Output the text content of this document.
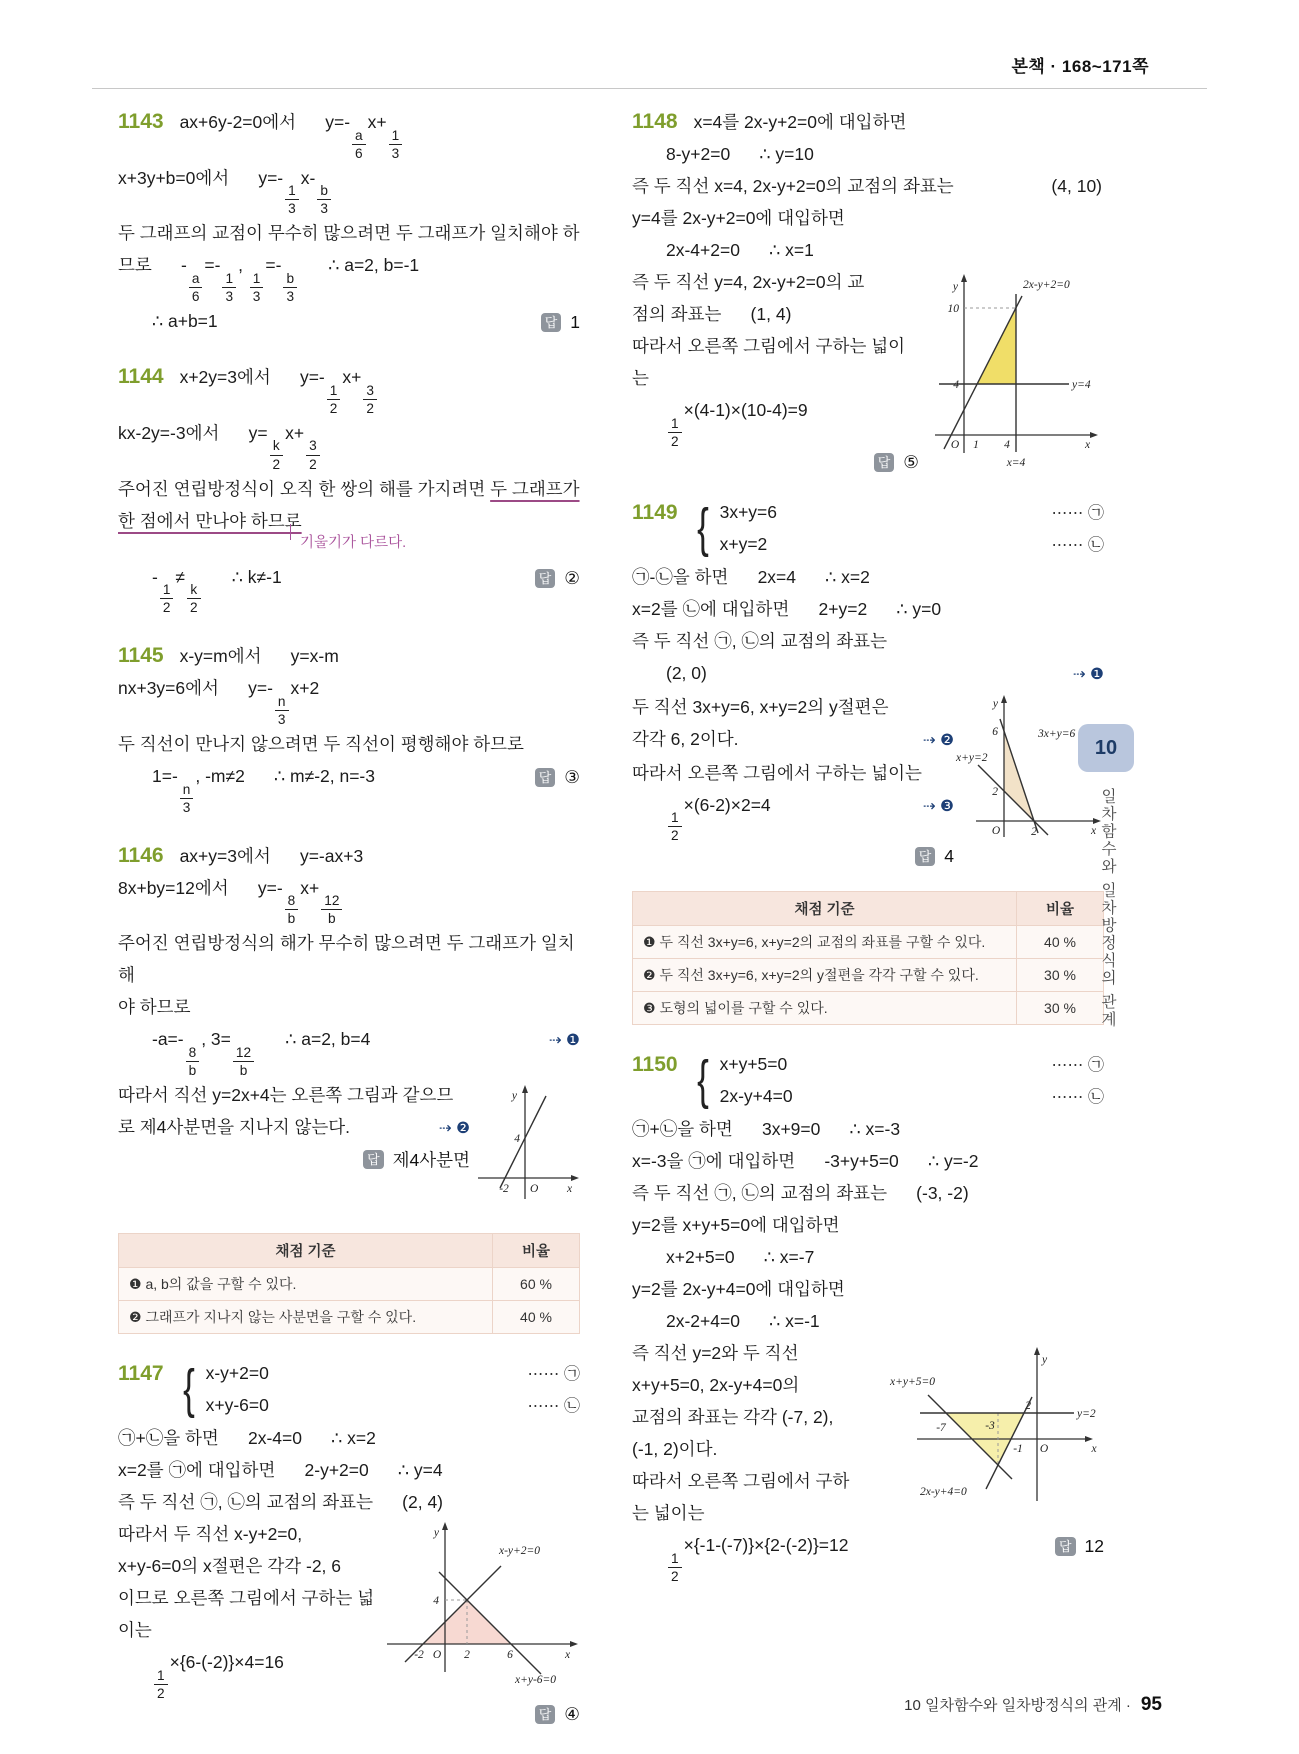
본책 · 168~171쪽
1143 ax+6y-2=0에서      y=-
$\frac{a}{6}$
x+
$\frac{1}{3}$
x+3y+b=0에서      y=-
$\frac{1}{3}$
x-
$\frac{b}{3}$
두 그래프의 교점이 무수히 많으려면 두 그래프가 일치해야 하
므로      -
$\frac{a}{6}$
=-
$\frac{1}{3}$
,
$\frac{1}{3}$
=-
$\frac{b}{3}$
∴ a=2, b=-1
∴ a+b=1	답 1
1144 x+2y=3에서      y=-
$\frac{1}{2}$
x+
$\frac{3}{2}$
kx-2y=-3에서      y=
$\frac{k}{2}$
x+
$\frac{3}{2}$
주어진 연립방정식이 오직 한 쌍의 해를 가지려면 두 그래프가
한 점에서 만나야 하므로
기울기가 다르다.
-
$\frac{1}{2}$
≠
$\frac{k}{2}$
∴ k≠-1	답 ②
1145 x-y=m에서      y=x-m
nx+3y=6에서      y=-
$\frac{n}{3}$
x+2
두 직선이 만나지 않으려면 두 직선이 평행해야 하므로
1=-
$\frac{n}{3}$
, -m≠2      ∴ m≠-2, n=-3	답 ③
1146 ax+y=3에서      y=-ax+3
8x+by=12에서      y=-
$\frac{8}{b}$
x+
$\frac{12}{b}$
주어진 연립방정식의 해가 무수히 많으려면 두 그래프가 일치해
야 하므로
-a=-
$\frac{8}{b}$
, 3=
$\frac{12}{b}$
∴ a=2, b=4	⇢ ❶
따라서 직선 y=2x+4는 오른쪽 그림과 같으므
로 제4사분면을 지나지 않는다.	⇢ ❷
답 제4사분면
y
4
-2 O x
채점 기준	비율
❶ a, b의 값을 구할 수 있다.	60 %
❷ 그래프가 지나지 않는 사분면을 구할 수 있다.	40 %
1147 { x-y+2=0	⋯⋯ ㉠
x+y-6=0	⋯⋯ ㉡
㉠+㉡을 하면      2x-4=0      ∴ x=2
x=2를 ㉠에 대입하면      2-y+2=0      ∴ y=4
즉 두 직선 ㉠, ㉡의 교점의 좌표는      (2, 4)
따라서 두 직선 x-y+2=0,
x+y-6=0의 x절편은 각각 -2, 6
이므로 오른쪽 그림에서 구하는 넓이는
$\frac{1}{2}$
×{6-(-2)}×4=16
y
x-y+2=0
4
-2 O 2	6	x
x+y-6=0
답 ④
1148 x=4를 2x-y+2=0에 대입하면
8-y+2=0      ∴ y=10
즉 두 직선 x=4, 2x-y+2=0의 교점의 좌표는	(4, 10)
y=4를 2x-y+2=0에 대입하면
2x-4+2=0      ∴ x=1
즉 두 직선 y=4, 2x-y+2=0의 교
점의 좌표는      (1, 4)
따라서 오른쪽 그림에서 구하는 넓이는
$\frac{1}{2}$
×(4-1)×(10-4)=9
답 ⑤
2x-y+2=0
y
10
4	y=4
1 4
O
x=4
x
1149 { 3x+y=6	⋯⋯ ㉠
x+y=2	⋯⋯ ㉡
㉠-㉡을 하면      2x=4      ∴ x=2
x=2를 ㉡에 대입하면      2+y=2      ∴ y=0
즉 두 직선 ㉠, ㉡의 교점의 좌표는
(2, 0)	⇢ ❶
두 직선 3x+y=6, x+y=2의 y절편은
각각 6, 2이다.	⇢ ❷
따라서 오른쪽 그림에서 구하는 넓이는
$\frac{1}{2}$
×(6-2)×2=4	⇢ ❸
답 4
y
6	3x+y=6
x+y=2
2
O	2	x
채점 기준	비율
❶ 두 직선 3x+y=6, x+y=2의 교점의 좌표를 구할 수 있다.	40 %
❷ 두 직선 3x+y=6, x+y=2의 y절편을 각각 구할 수 있다.	30 %
❸ 도형의 넓이를 구할 수 있다.	30 %
1150 { x+y+5=0	⋯⋯ ㉠
2x-y+4=0	⋯⋯ ㉡
㉠+㉡을 하면      3x+9=0      ∴ x=-3
x=-3을 ㉠에 대입하면      -3+y+5=0      ∴ y=-2
즉 두 직선 ㉠, ㉡의 교점의 좌표는      (-3, -2)
y=2를 x+y+5=0에 대입하면
x+2+5=0      ∴ x=-7
y=2를 2x-y+4=0에 대입하면
2x-2+4=0      ∴ x=-1
즉 직선 y=2와 두 직선
x+y+5=0, 2x-y+4=0의
교점의 좌표는 각각 (-7, 2),
(-1, 2)이다.
따라서 오른쪽 그림에서 구하
는 넓이는
x+y+5=0
y
2
y=2
-7	-3
-1 O	x
2x-y+4=0
$\frac{1}{2}$
×{-1-(-7)}×{2-(-2)}=12	답 12
10
일차함수와 일차방정식의 관계
10 일차함수와 일차방정식의 관계 · 95
